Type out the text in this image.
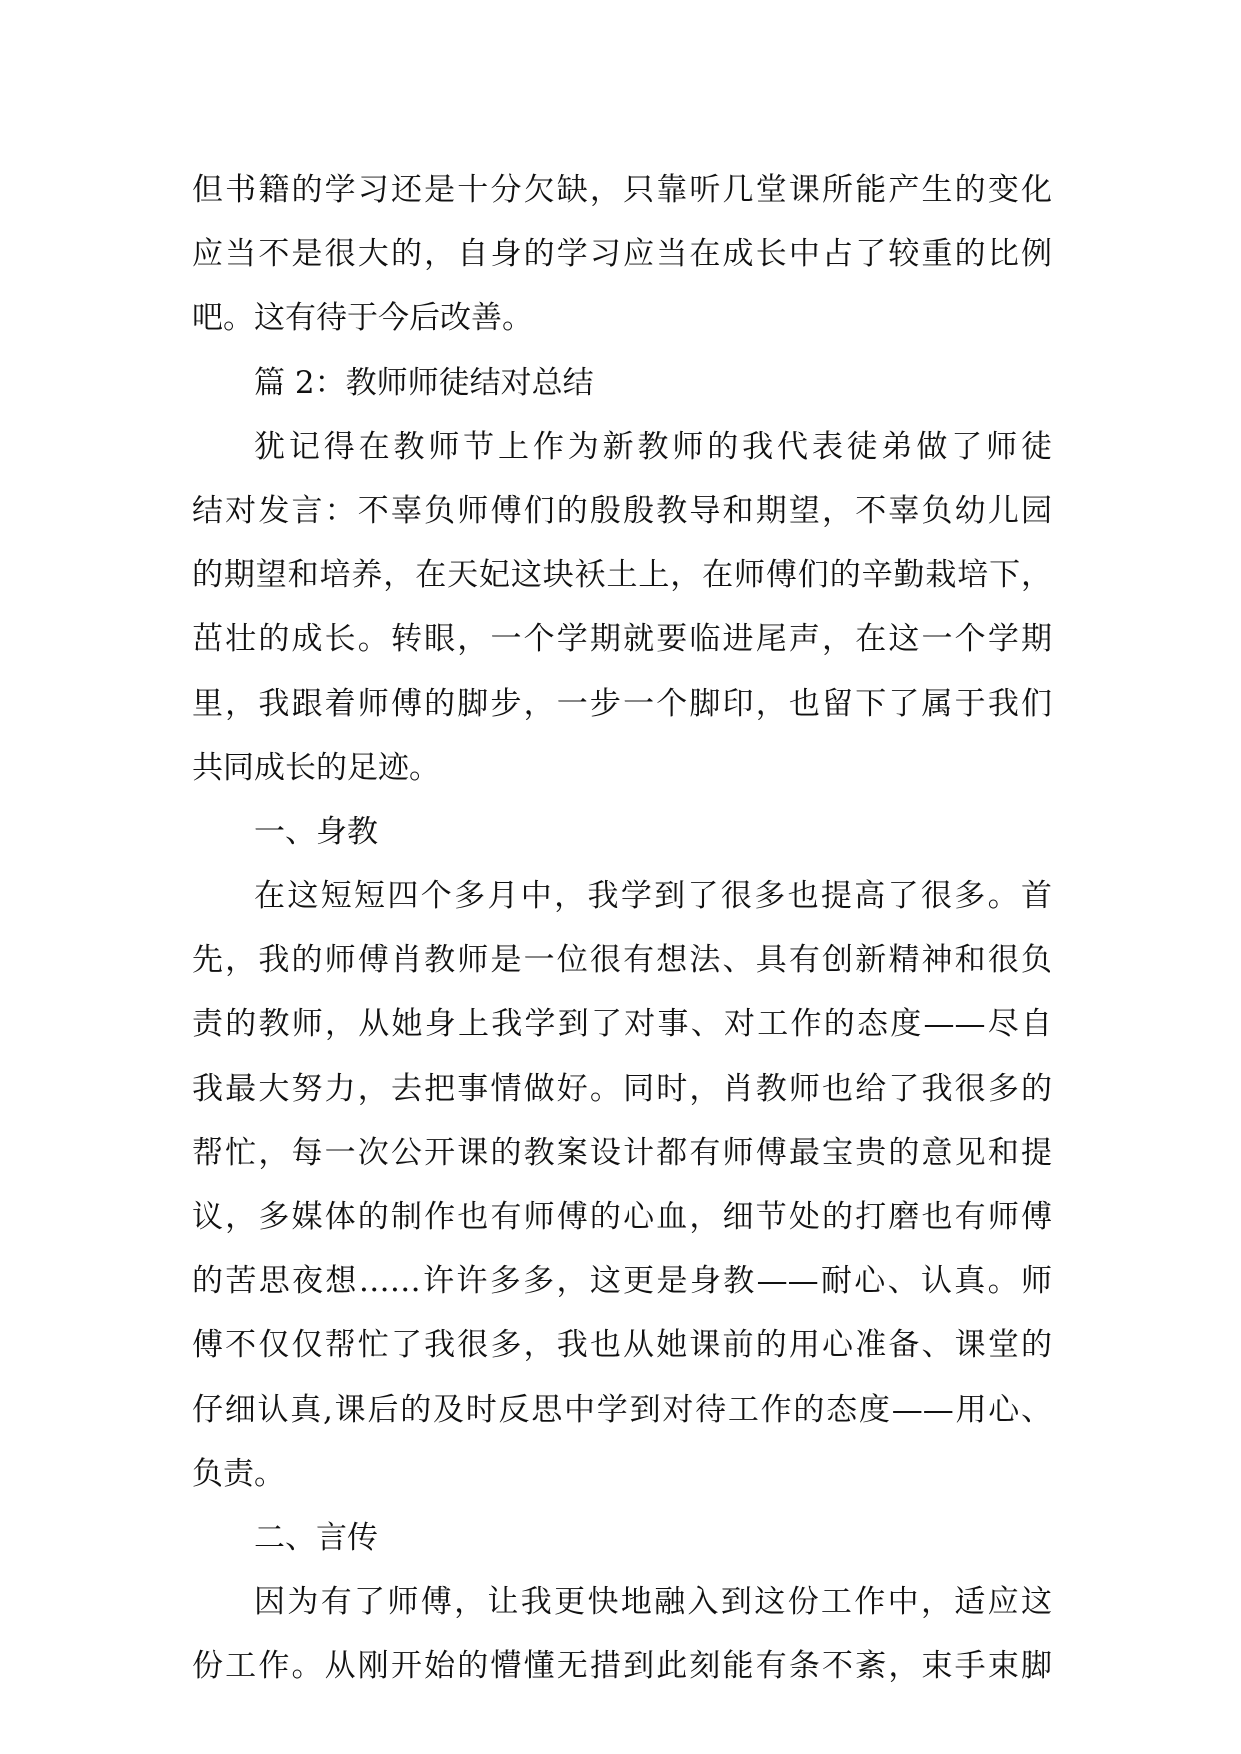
但书籍的学习还是十分欠缺，只靠听几堂课所能产生的变化
应当不是很大的，自身的学习应当在成长中占了较重的比例
吧。这有待于今后改善。
篇 2：教师师徒结对总结
犹记得在教师节上作为新教师的我代表徒弟做了师徒
结对发言：不辜负师傅们的殷殷教导和期望，不辜负幼儿园
的期望和培养，在天妃这块袄土上，在师傅们的辛勤栽培下，
茁壮的成长。转眼，一个学期就要临进尾声，在这一个学期
里，我跟着师傅的脚步，一步一个脚印，也留下了属于我们
共同成长的足迹。
一、身教
在这短短四个多月中，我学到了很多也提高了很多。首
先，我的师傅肖教师是一位很有想法、具有创新精神和很负
责的教师，从她身上我学到了对事、对工作的态度——尽自
我最大努力，去把事情做好。同时，肖教师也给了我很多的
帮忙，每一次公开课的教案设计都有师傅最宝贵的意见和提
议，多媒体的制作也有师傅的心血，细节处的打磨也有师傅
的苦思夜想……许许多多，这更是身教——耐心、认真。师
傅不仅仅帮忙了我很多，我也从她课前的用心准备、课堂的
仔细认真,课后的及时反思中学到对待工作的态度——用心、
负责。
二、言传
因为有了师傅，让我更快地融入到这份工作中，适应这
份工作。从刚开始的懵懂无措到此刻能有条不紊，束手束脚
